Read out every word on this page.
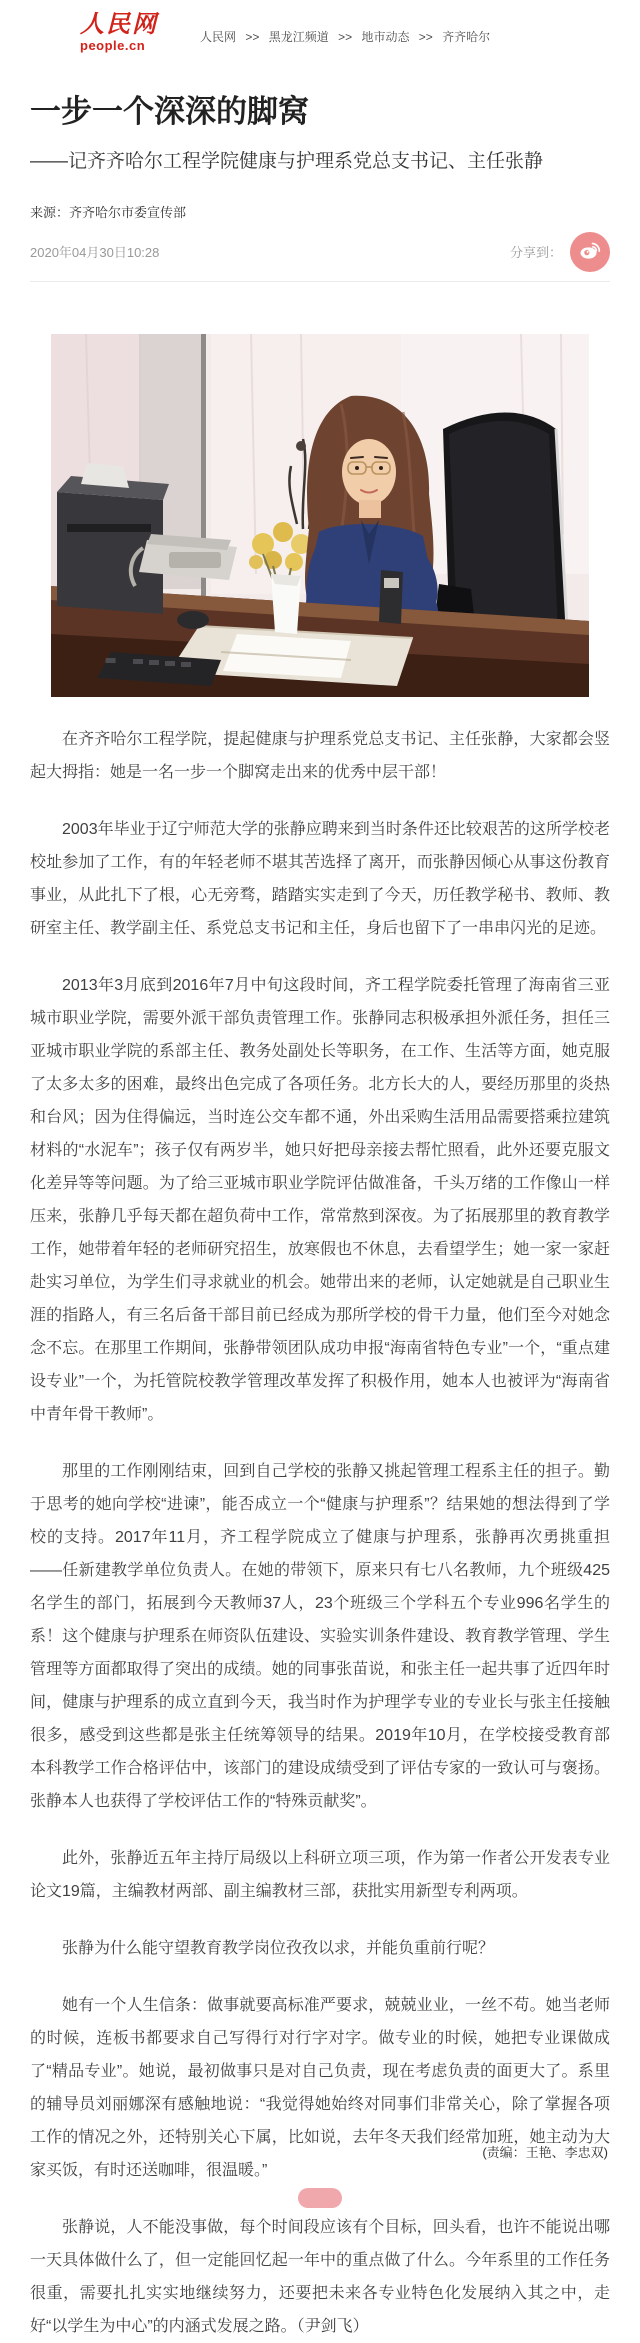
人民网
people.cn
人民网 >> 黑龙江频道 >> 地市动态 >> 齐齐哈尔
一步一个深深的脚窝
——记齐齐哈尔工程学院健康与护理系党总支书记、主任张静
来源：齐齐哈尔市委宣传部
2020年04月30日10:28	分享到：

在齐齐哈尔工程学院，提起健康与护理系党总支书记、主任张静，大家都会竖起大拇指：她是一名一步一个脚窝走出来的优秀中层干部！

2003年毕业于辽宁师范大学的张静应聘来到当时条件还比较艰苦的这所学校老校址参加了工作，有的年轻老师不堪其苦选择了离开，而张静因倾心从事这份教育事业，从此扎下了根，心无旁骛，踏踏实实走到了今天，历任教学秘书、教师、教研室主任、教学副主任、系党总支书记和主任，身后也留下了一串串闪光的足迹。

2013年3月底到2016年7月中旬这段时间，齐工程学院委托管理了海南省三亚城市职业学院，需要外派干部负责管理工作。张静同志积极承担外派任务，担任三亚城市职业学院的系部主任、教务处副处长等职务，在工作、生活等方面，她克服了太多太多的困难，最终出色完成了各项任务。北方长大的人，要经历那里的炎热和台风；因为住得偏远，当时连公交车都不通，外出采购生活用品需要搭乘拉建筑材料的“水泥车”；孩子仅有两岁半，她只好把母亲接去帮忙照看，此外还要克服文化差异等等问题。为了给三亚城市职业学院评估做准备，千头万绪的工作像山一样压来，张静几乎每天都在超负荷中工作，常常熬到深夜。为了拓展那里的教育教学工作，她带着年轻的老师研究招生，放寒假也不休息，去看望学生；她一家一家赶赴实习单位，为学生们寻求就业的机会。她带出来的老师，认定她就是自己职业生涯的指路人，有三名后备干部目前已经成为那所学校的骨干力量，他们至今对她念念不忘。在那里工作期间，张静带领团队成功申报“海南省特色专业”一个，“重点建设专业”一个，为托管院校教学管理改革发挥了积极作用，她本人也被评为“海南省中青年骨干教师”。

那里的工作刚刚结束，回到自己学校的张静又挑起管理工程系主任的担子。勤于思考的她向学校“进谏”，能否成立一个“健康与护理系”？结果她的想法得到了学校的支持。2017年11月，齐工程学院成立了健康与护理系，张静再次勇挑重担——任新建教学单位负责人。在她的带领下，原来只有七八名教师，九个班级425名学生的部门，拓展到今天教师37人，23个班级三个学科五个专业996名学生的系！这个健康与护理系在师资队伍建设、实验实训条件建设、教育教学管理、学生管理等方面都取得了突出的成绩。她的同事张苗说，和张主任一起共事了近四年时间，健康与护理系的成立直到今天，我当时作为护理学专业的专业长与张主任接触很多，感受到这些都是张主任统筹领导的结果。2019年10月，在学校接受教育部本科教学工作合格评估中，该部门的建设成绩受到了评估专家的一致认可与褒扬。张静本人也获得了学校评估工作的“特殊贡献奖”。

此外，张静近五年主持厅局级以上科研立项三项，作为第一作者公开发表专业论文19篇，主编教材两部、副主编教材三部，获批实用新型专利两项。

张静为什么能守望教育教学岗位孜孜以求，并能负重前行呢？

她有一个人生信条：做事就要高标准严要求，兢兢业业，一丝不苟。她当老师的时候，连板书都要求自己写得行对行字对字。做专业的时候，她把专业课做成了“精品专业”。她说，最初做事只是对自己负责，现在考虑负责的面更大了。系里的辅导员刘丽娜深有感触地说：“我觉得她始终对同事们非常关心，除了掌握各项工作的情况之外，还特别关心下属，比如说，去年冬天我们经常加班，她主动为大家买饭，有时还送咖啡，很温暖。”

张静说，人不能没事做，每个时间段应该有个目标，回头看，也许不能说出哪一天具体做什么了，但一定能回忆起一年中的重点做了什么。今年系里的工作任务很重，需要扎扎实实地继续努力，还要把未来各专业特色化发展纳入其之中，走好“以学生为中心”的内涵式发展之路。（尹剑飞）

(责编：王艳、李忠双)
